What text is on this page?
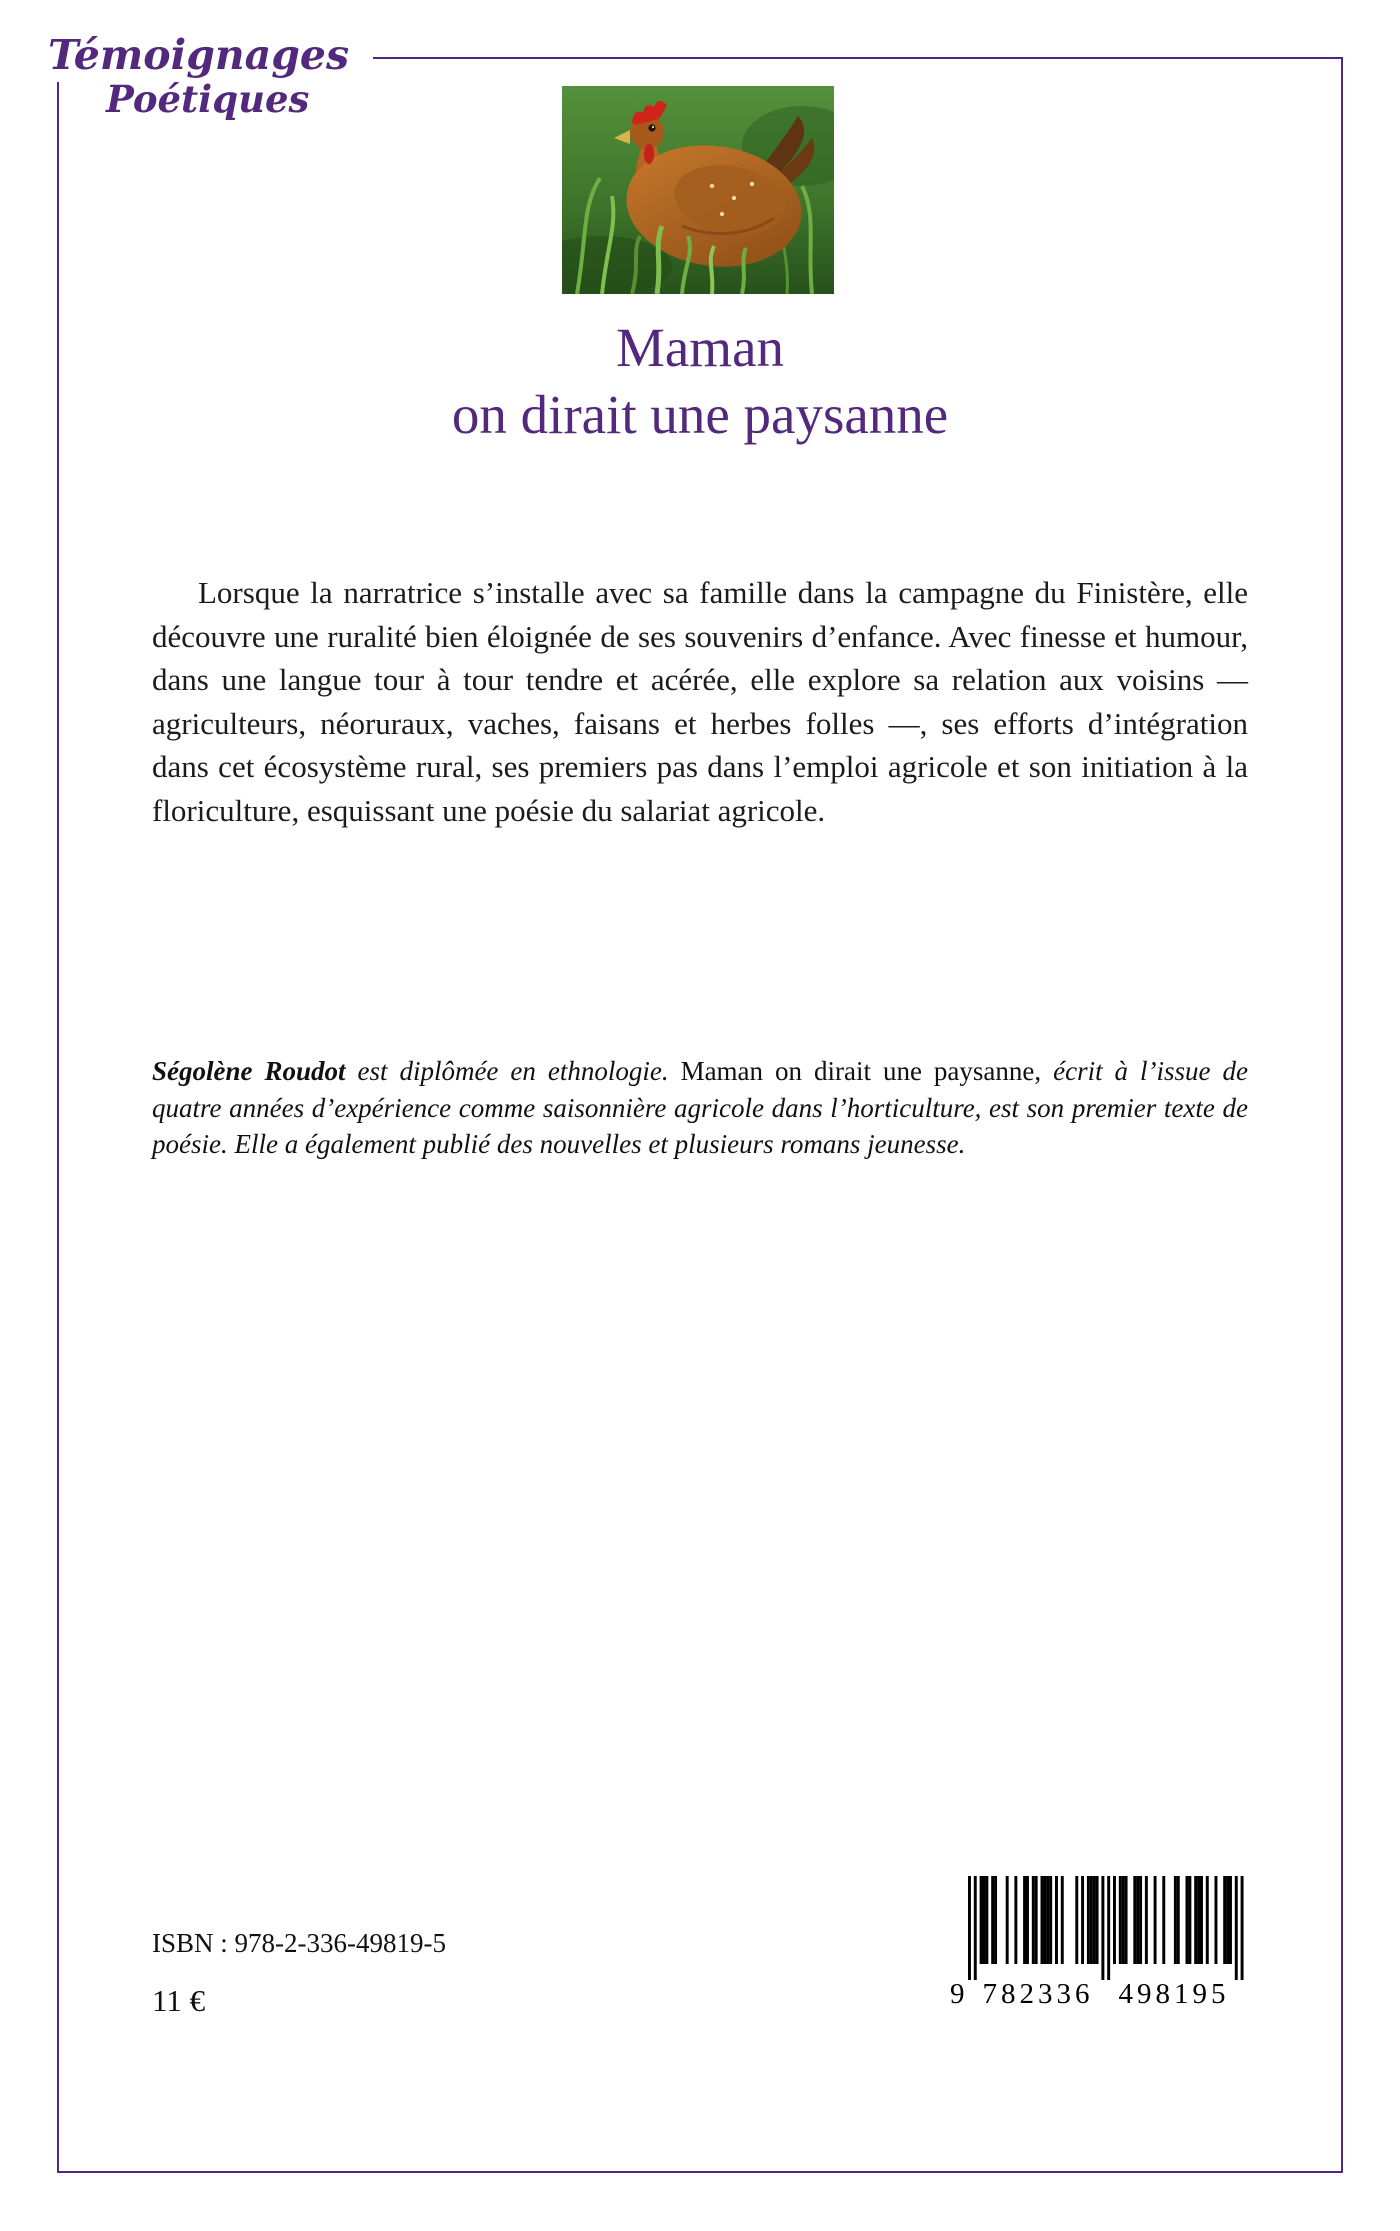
Témoignages
Poétiques
Maman
on dirait une paysanne

Lorsque la narratrice s’installe avec sa famille dans la campagne du Finistère, elle découvre une ruralité bien éloignée de ses souvenirs d’enfance. Avec finesse et humour, dans une langue tour à tour tendre et acérée, elle explore sa relation aux voisins — agriculteurs, néoruraux, vaches, faisans et herbes folles —, ses efforts d’intégration dans cet écosystème rural, ses premiers pas dans l’emploi agricole et son initiation à la floriculture, esquissant une poésie du salariat agricole.

Ségolène Roudot est diplômée en ethnologie. Maman on dirait une paysanne, écrit à l’issue de quatre années d’expérience comme saisonnière agricole dans l’horticulture, est son premier texte de poésie. Elle a également publié des nouvelles et plusieurs romans jeunesse.

ISBN : 978-2-336-49819-5
11 €	9 782336 498195
